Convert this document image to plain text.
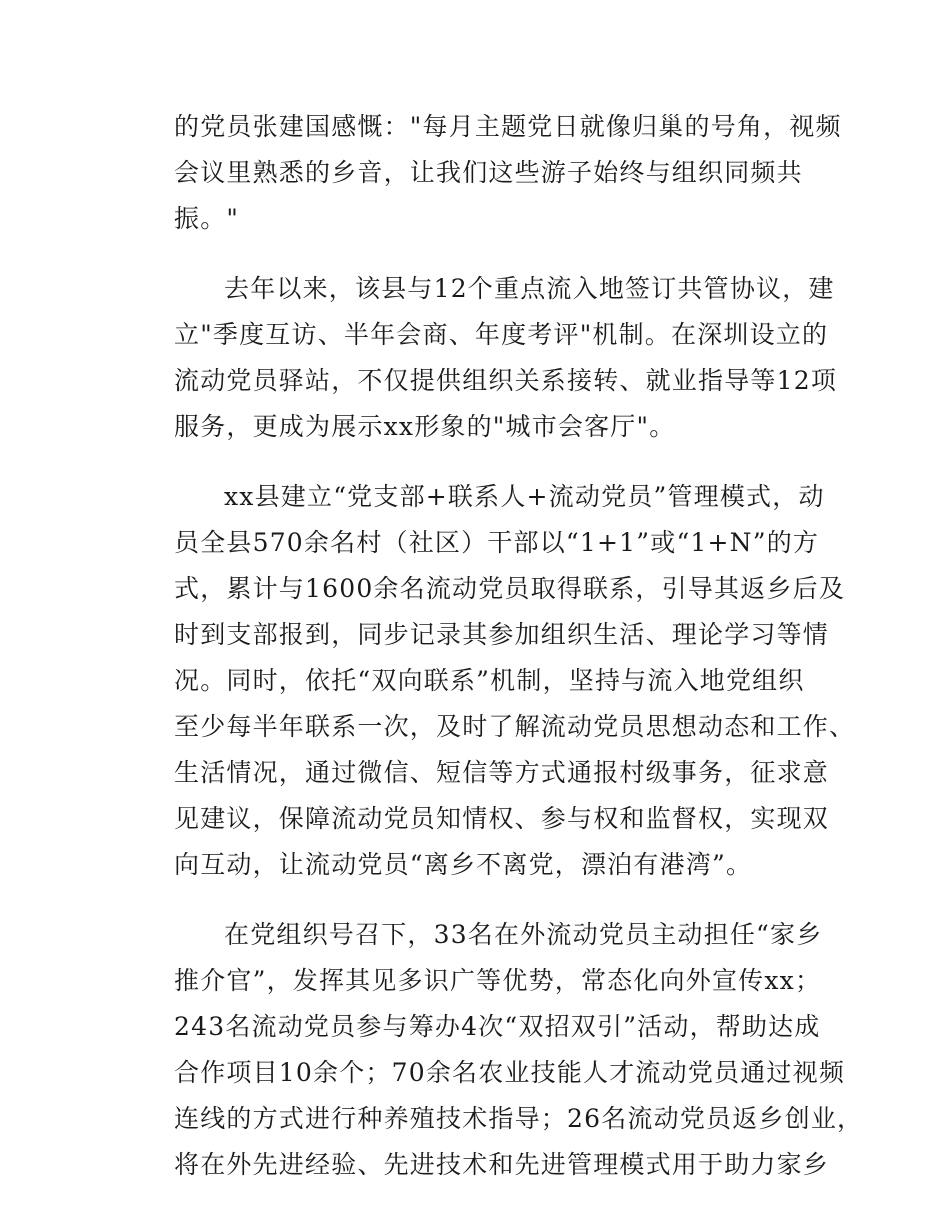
的党员张建国感慨："每月主题党日就像归巢的号角，视频
会议里熟悉的乡音，让我们这些游子始终与组织同频共
振。"
去年以来，该县与12个重点流入地签订共管协议，建
立"季度互访、半年会商、年度考评"机制。在深圳设立的
流动党员驿站，不仅提供组织关系接转、就业指导等12项
服务，更成为展示xx形象的"城市会客厅"。
xx县建立“党支部+联系人+流动党员”管理模式，动
员全县570余名村（社区）干部以“1+1”或“1+N”的方
式，累计与1600余名流动党员取得联系，引导其返乡后及
时到支部报到，同步记录其参加组织生活、理论学习等情
况。同时，依托“双向联系”机制，坚持与流入地党组织
至少每半年联系一次，及时了解流动党员思想动态和工作、
生活情况，通过微信、短信等方式通报村级事务，征求意
见建议，保障流动党员知情权、参与权和监督权，实现双
向互动，让流动党员“离乡不离党，漂泊有港湾”。
在党组织号召下，33名在外流动党员主动担任“家乡
推介官”，发挥其见多识广等优势，常态化向外宣传xx；
243名流动党员参与筹办4次“双招双引”活动，帮助达成
合作项目10余个；70余名农业技能人才流动党员通过视频
连线的方式进行种养殖技术指导；26名流动党员返乡创业，
将在外先进经验、先进技术和先进管理模式用于助力家乡
